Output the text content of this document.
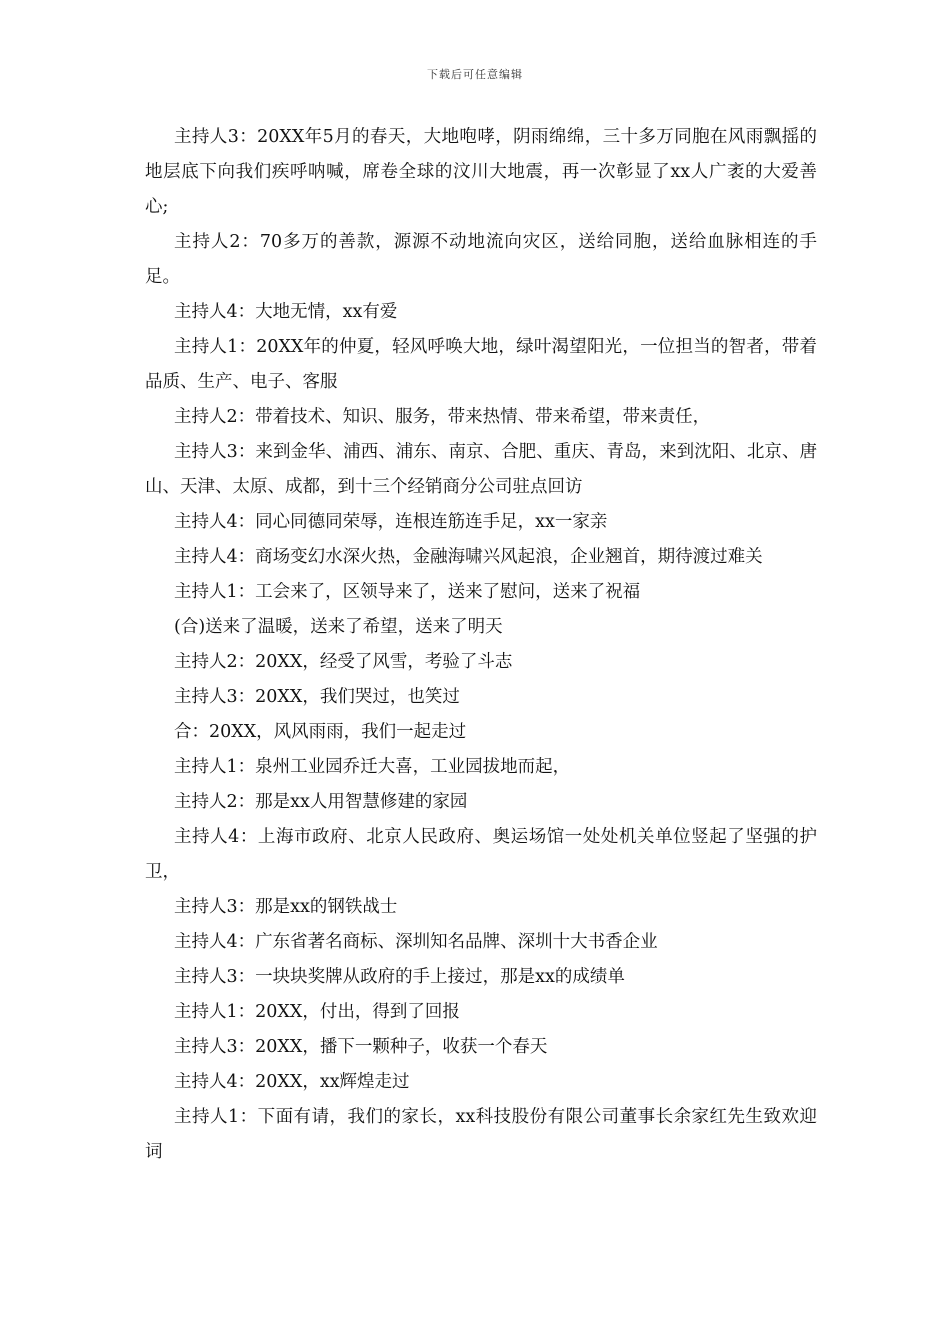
下载后可任意编辑

主持人3：20XX年5月的春天，大地咆哮，阴雨绵绵，三十多万同胞在风雨飘摇的地层底下向我们疾呼呐喊，席卷全球的汶川大地震，再一次彰显了xx人广袤的大爱善心;

主持人2：70多万的善款，源源不动地流向灾区，送给同胞，送给血脉相连的手足。

主持人4：大地无情，xx有爱

主持人1：20XX年的仲夏，轻风呼唤大地，绿叶渴望阳光，一位担当的智者，带着品质、生产、电子、客服

主持人2：带着技术、知识、服务，带来热情、带来希望，带来责任，

主持人3：来到金华、浦西、浦东、南京、合肥、重庆、青岛，来到沈阳、北京、唐山、天津、太原、成都，到十三个经销商分公司驻点回访

主持人4：同心同德同荣辱，连根连筋连手足，xx一家亲

主持人4：商场变幻水深火热，金融海啸兴风起浪，企业翘首，期待渡过难关

主持人1：工会来了，区领导来了，送来了慰问，送来了祝福

(合)送来了温暖，送来了希望，送来了明天

主持人2：20XX，经受了风雪，考验了斗志

主持人3：20XX，我们哭过，也笑过

合：20XX，风风雨雨，我们一起走过

主持人1：泉州工业园乔迁大喜，工业园拔地而起，

主持人2：那是xx人用智慧修建的家园

主持人4：上海市政府、北京人民政府、奥运场馆一处处机关单位竖起了坚强的护卫，

主持人3：那是xx的钢铁战士

主持人4：广东省著名商标、深圳知名品牌、深圳十大书香企业

主持人3：一块块奖牌从政府的手上接过，那是xx的成绩单

主持人1：20XX，付出，得到了回报

主持人3：20XX，播下一颗种子，收获一个春天

主持人4：20XX，xx辉煌走过

主持人1：下面有请，我们的家长，xx科技股份有限公司董事长余家红先生致欢迎词
